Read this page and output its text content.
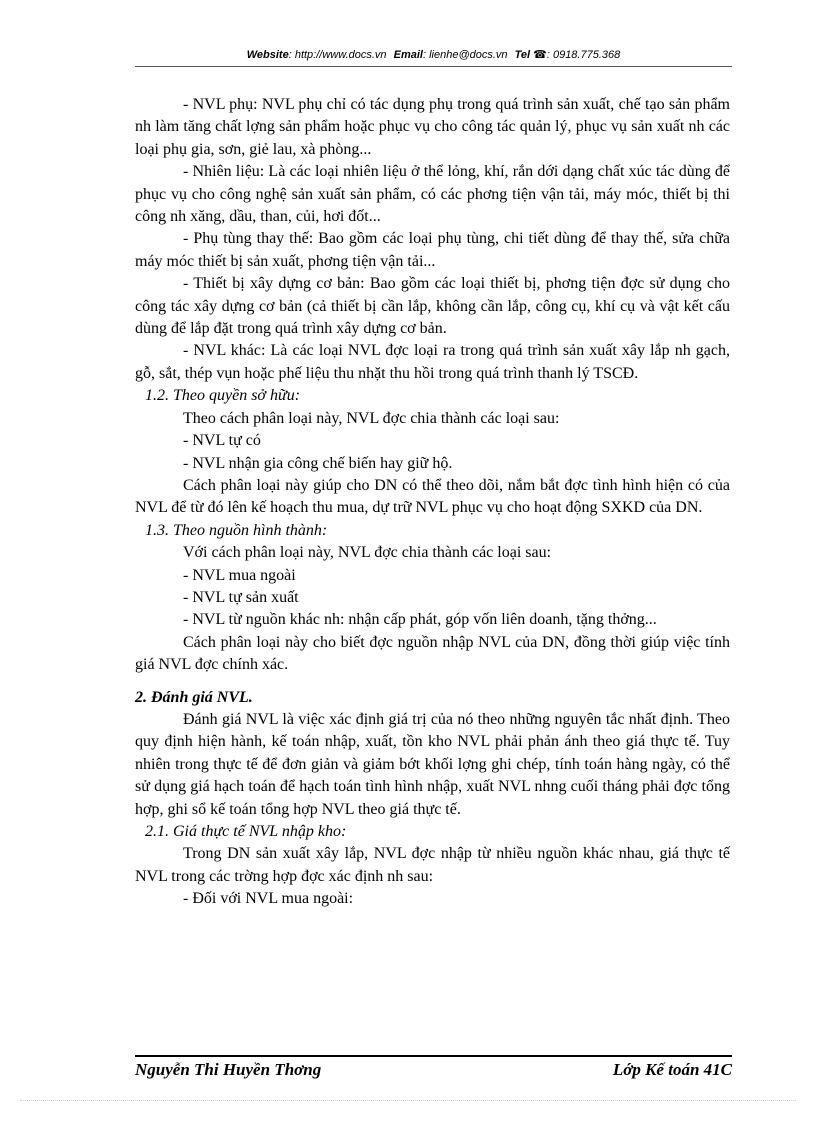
Website: http://www.docs.vn Email: lienhe@docs.vn Tel ☎: 0918.775.368

- NVL phụ: NVL phụ chỉ có tác dụng phụ trong quá trình sản xuất, chế tạo sản phẩm nh làm tăng chất lợng sản phẩm hoặc phục vụ cho công tác quản lý, phục vụ sản xuất nh các loại phụ gia, sơn, giẻ lau, xà phòng...

- Nhiên liệu: Là các loại nhiên liệu ở thể lỏng, khí, rắn dới dạng chất xúc tác dùng để phục vụ cho công nghệ sản xuất sản phẩm, có các phơng tiện vận tải, máy móc, thiết bị thi công nh xăng, dầu, than, củi, hơi đốt...

- Phụ tùng thay thế: Bao gồm các loại phụ tùng, chi tiết dùng để thay thế, sửa chữa máy móc thiết bị sản xuất, phơng tiện vận tải...

- Thiết bị xây dựng cơ bản: Bao gồm các loại thiết bị, phơng tiện đợc sử dụng cho công tác xây dựng cơ bản (cả thiết bị cần lắp, không cần lắp, công cụ, khí cụ và vật kết cấu dùng để lắp đặt trong quá trình xây dựng cơ bản.

- NVL khác: Là các loại NVL đợc loại ra trong quá trình sản xuất xây lắp nh gạch, gỗ, sắt, thép vụn hoặc phế liệu thu nhặt thu hồi trong quá trình thanh lý TSCĐ.

1.2. Theo quyền sở hữu:

Theo cách phân loại này, NVL đợc chia thành các loại sau:

- NVL tự có

- NVL nhận gia công chế biến hay giữ hộ.

Cách phân loại này giúp cho DN có thể theo dõi, nắm bắt đợc tình hình hiện có của NVL để từ đó lên kế hoạch thu mua, dự trữ NVL phục vụ cho hoạt động SXKD của DN.

1.3. Theo nguồn hình thành:

Với cách phân loại này, NVL đợc chia thành các loại sau:

- NVL mua ngoài

- NVL tự sản xuất

- NVL từ nguồn khác nh: nhận cấp phát, góp vốn liên doanh, tặng thởng...

Cách phân loại này cho biết đợc nguồn nhập NVL của DN, đồng thời giúp việc tính giá NVL đợc chính xác.

2. Đánh giá NVL.

Đánh giá NVL là việc xác định giá trị của nó theo những nguyên tắc nhất định. Theo quy định hiện hành, kế toán nhập, xuất, tồn kho NVL phải phản ánh theo giá thực tế. Tuy nhiên trong thực tế để đơn giản và giảm bớt khối lợng ghi chép, tính toán hàng ngày, có thể sử dụng giá hạch toán để hạch toán tình hình nhập, xuất NVL nhng cuối tháng phải đợc tổng hợp, ghi sổ kế toán tổng hợp NVL theo giá thực tế.

2.1. Giá thực tế NVL nhập kho:

Trong DN sản xuất xây lắp, NVL đợc nhập từ nhiều nguồn khác nhau, giá thực tế NVL trong các trờng hợp đợc xác định nh sau:

- Đối với NVL mua ngoài:

Nguyễn Thi Huyền Thơng	Lớp Kế toán 41C
